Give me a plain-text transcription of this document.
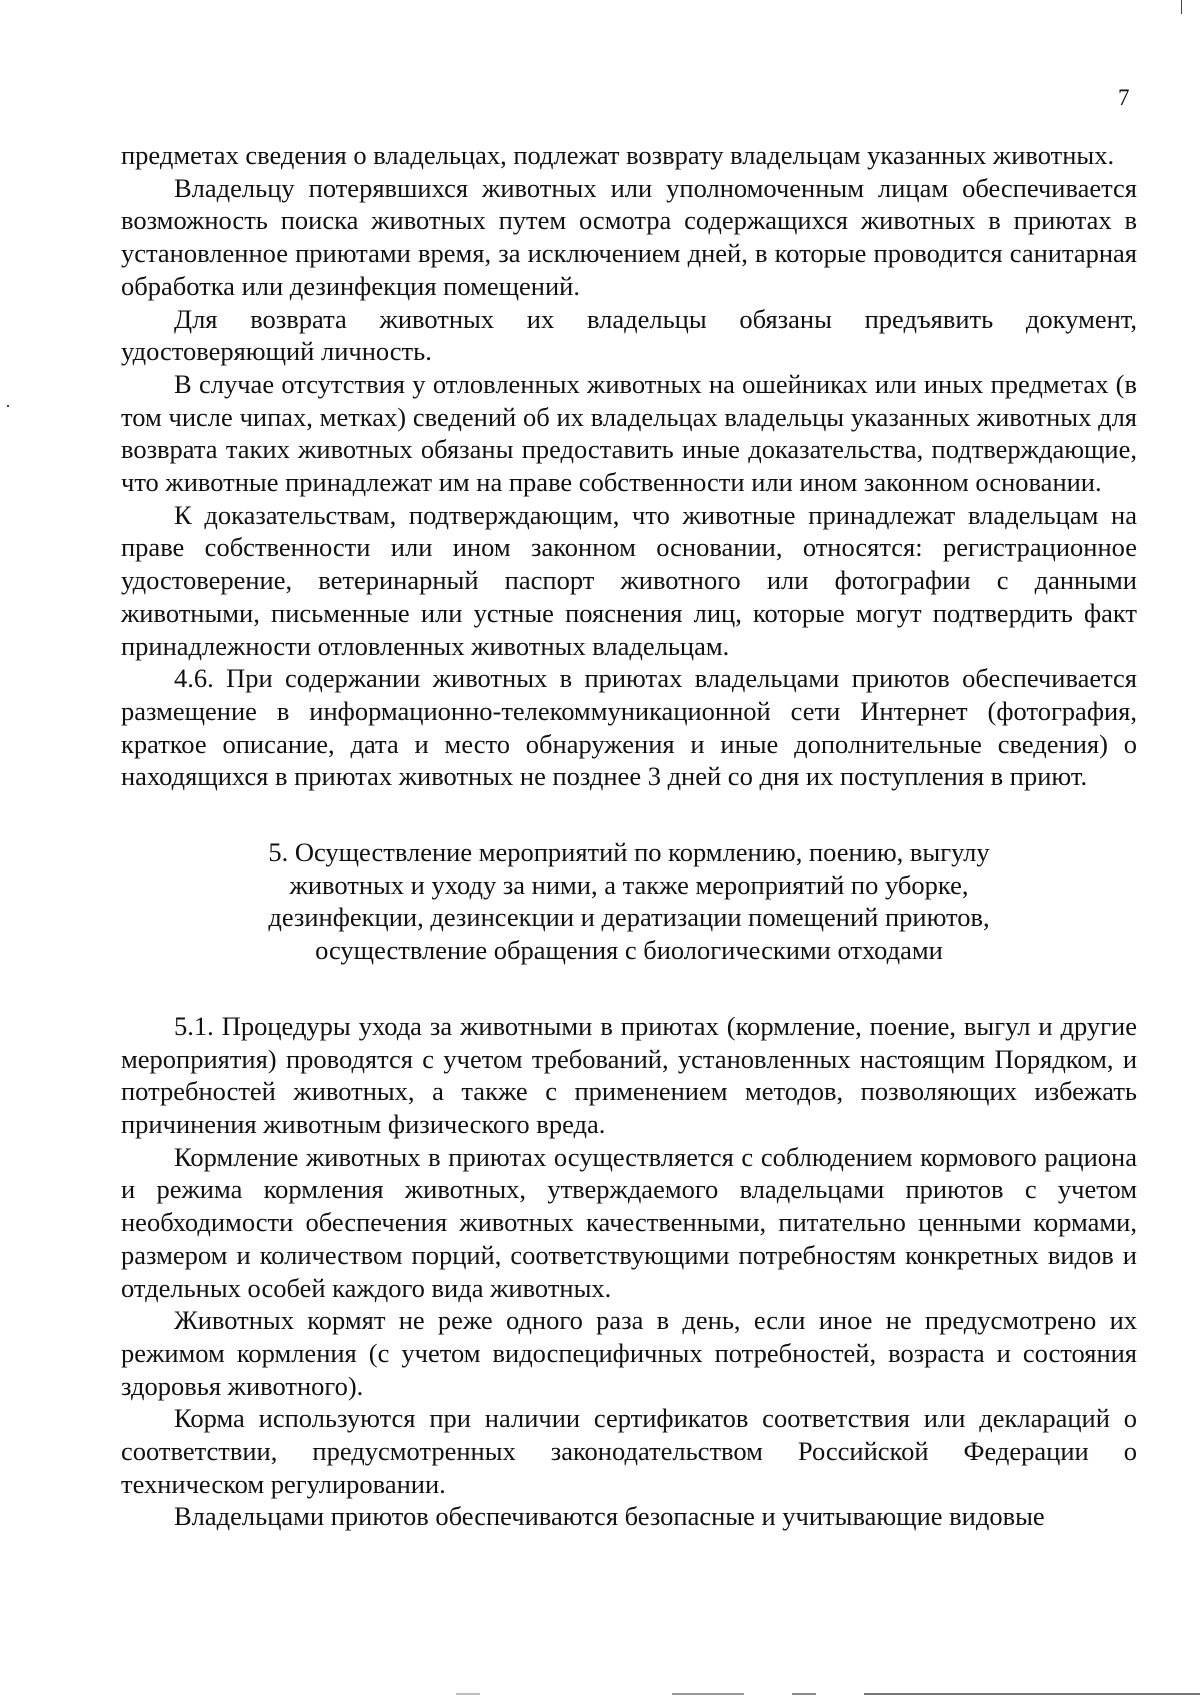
7

предметах сведения о владельцах, подлежат возврату владельцам указанных животных.

Владельцу потерявшихся животных или уполномоченным лицам обеспечивается возможность поиска животных путем осмотра содержащихся животных в приютах в установленное приютами время, за исключением дней, в которые проводится санитарная обработка или дезинфекция помещений.

Для возврата животных их владельцы обязаны предъявить документ, удостоверяющий личность.

В случае отсутствия у отловленных животных на ошейниках или иных предметах (в том числе чипах, метках) сведений об их владельцах владельцы указанных животных для возврата таких животных обязаны предоставить иные доказательства, подтверждающие, что животные принадлежат им на праве собственности или ином законном основании.

К доказательствам, подтверждающим, что животные принадлежат владельцам на праве собственности или ином законном основании, относятся: регистрационное удостоверение, ветеринарный паспорт животного или фотографии с данными животными, письменные или устные пояснения лиц, которые могут подтвердить факт принадлежности отловленных животных владельцам.

4.6. При содержании животных в приютах владельцами приютов обеспечивается размещение в информационно-телекоммуникационной сети Интернет (фотография, краткое описание, дата и место обнаружения и иные дополнительные сведения) о находящихся в приютах животных не позднее 3 дней со дня их поступления в приют.

5. Осуществление мероприятий по кормлению, поению, выгулу
животных и уходу за ними, а также мероприятий по уборке,
дезинфекции, дезинсекции и дератизации помещений приютов,
осуществление обращения с биологическими отходами

5.1. Процедуры ухода за животными в приютах (кормление, поение, выгул и другие мероприятия) проводятся с учетом требований, установленных настоящим Порядком, и потребностей животных, а также с применением методов, позволяющих избежать причинения животным физического вреда.

Кормление животных в приютах осуществляется с соблюдением кормового рациона и режима кормления животных, утверждаемого владельцами приютов с учетом необходимости обеспечения животных качественными, питательно ценными кормами, размером и количеством порций, соответствующими потребностям конкретных видов и отдельных особей каждого вида животных.

Животных кормят не реже одного раза в день, если иное не предусмотрено их режимом кормления (с учетом видоспецифичных потребностей, возраста и состояния здоровья животного).

Корма используются при наличии сертификатов соответствия или деклараций о соответствии, предусмотренных законодательством Российской Федерации о техническом регулировании.

Владельцами приютов обеспечиваются безопасные и учитывающие видовые
